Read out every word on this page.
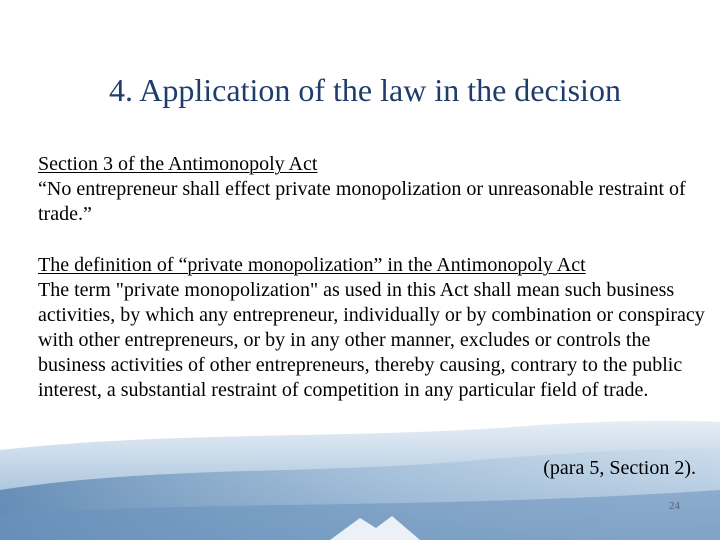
4. Application of the law in the decision

Section 3 of the Antimonopoly Act

“No entrepreneur shall effect private monopolization or unreasonable restraint of trade.”

The definition of “private monopolization” in the Antimonopoly Act

The term "private monopolization" as used in this Act shall mean such business activities, by which any entrepreneur, individually or by combination or conspiracy with other entrepreneurs, or by in any other manner, excludes or controls the business activities of other entrepreneurs, thereby causing, contrary to the public interest, a substantial restraint of competition in any particular field of trade.

(para 5, Section 2).
24
